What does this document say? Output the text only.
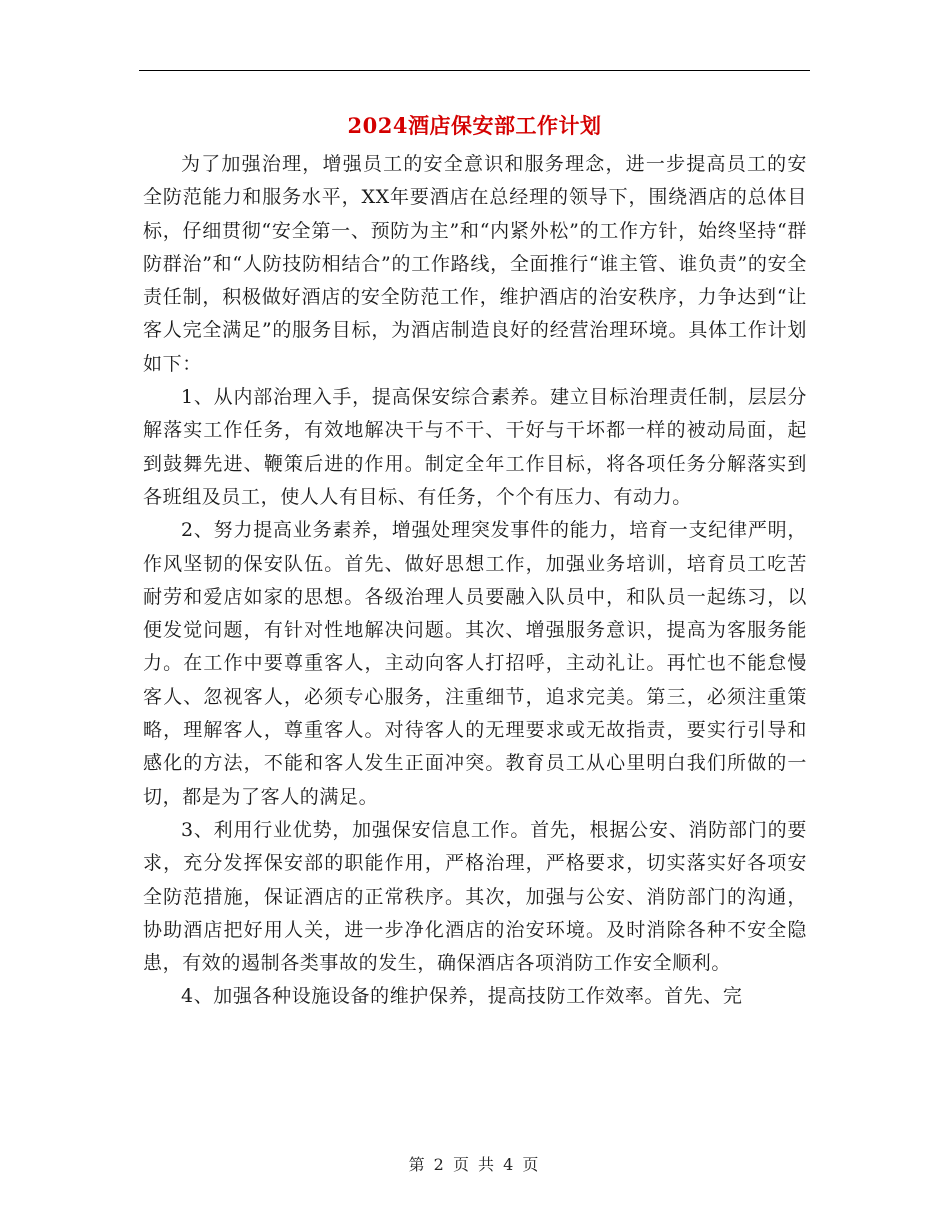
2024酒店保安部工作计划

为了加强治理，增强员工的安全意识和服务理念，进一步提高员工的安全防范能力和服务水平，XX年要酒店在总经理的领导下，围绕酒店的总体目标，仔细贯彻“安全第一、预防为主”和“内紧外松”的工作方针，始终坚持“群防群治”和“人防技防相结合”的工作路线，全面推行“谁主管、谁负责”的安全责任制，积极做好酒店的安全防范工作，维护酒店的治安秩序，力争达到“让客人完全满足”的服务目标，为酒店制造良好的经营治理环境。具体工作计划如下：

1、从内部治理入手，提高保安综合素养。建立目标治理责任制，层层分解落实工作任务，有效地解决干与不干、干好与干坏都一样的被动局面，起到鼓舞先进、鞭策后进的作用。制定全年工作目标，将各项任务分解落实到各班组及员工，使人人有目标、有任务，个个有压力、有动力。

2、努力提高业务素养，增强处理突发事件的能力，培育一支纪律严明，作风坚韧的保安队伍。首先、做好思想工作，加强业务培训，培育员工吃苦耐劳和爱店如家的思想。各级治理人员要融入队员中，和队员一起练习，以便发觉问题，有针对性地解决问题。其次、增强服务意识，提高为客服务能力。在工作中要尊重客人，主动向客人打招呼，主动礼让。再忙也不能怠慢客人、忽视客人，必须专心服务，注重细节，追求完美。第三，必须注重策略，理解客人，尊重客人。对待客人的无理要求或无故指责，要实行引导和感化的方法，不能和客人发生正面冲突。教育员工从心里明白我们所做的一切，都是为了客人的满足。

3、利用行业优势，加强保安信息工作。首先，根据公安、消防部门的要求，充分发挥保安部的职能作用，严格治理，严格要求，切实落实好各项安全防范措施，保证酒店的正常秩序。其次，加强与公安、消防部门的沟通，协助酒店把好用人关，进一步净化酒店的治安环境。及时消除各种不安全隐患，有效的遏制各类事故的发生，确保酒店各项消防工作安全顺利。

4、加强各种设施设备的维护保养，提高技防工作效率。首先、完

第 2 页 共 4 页
